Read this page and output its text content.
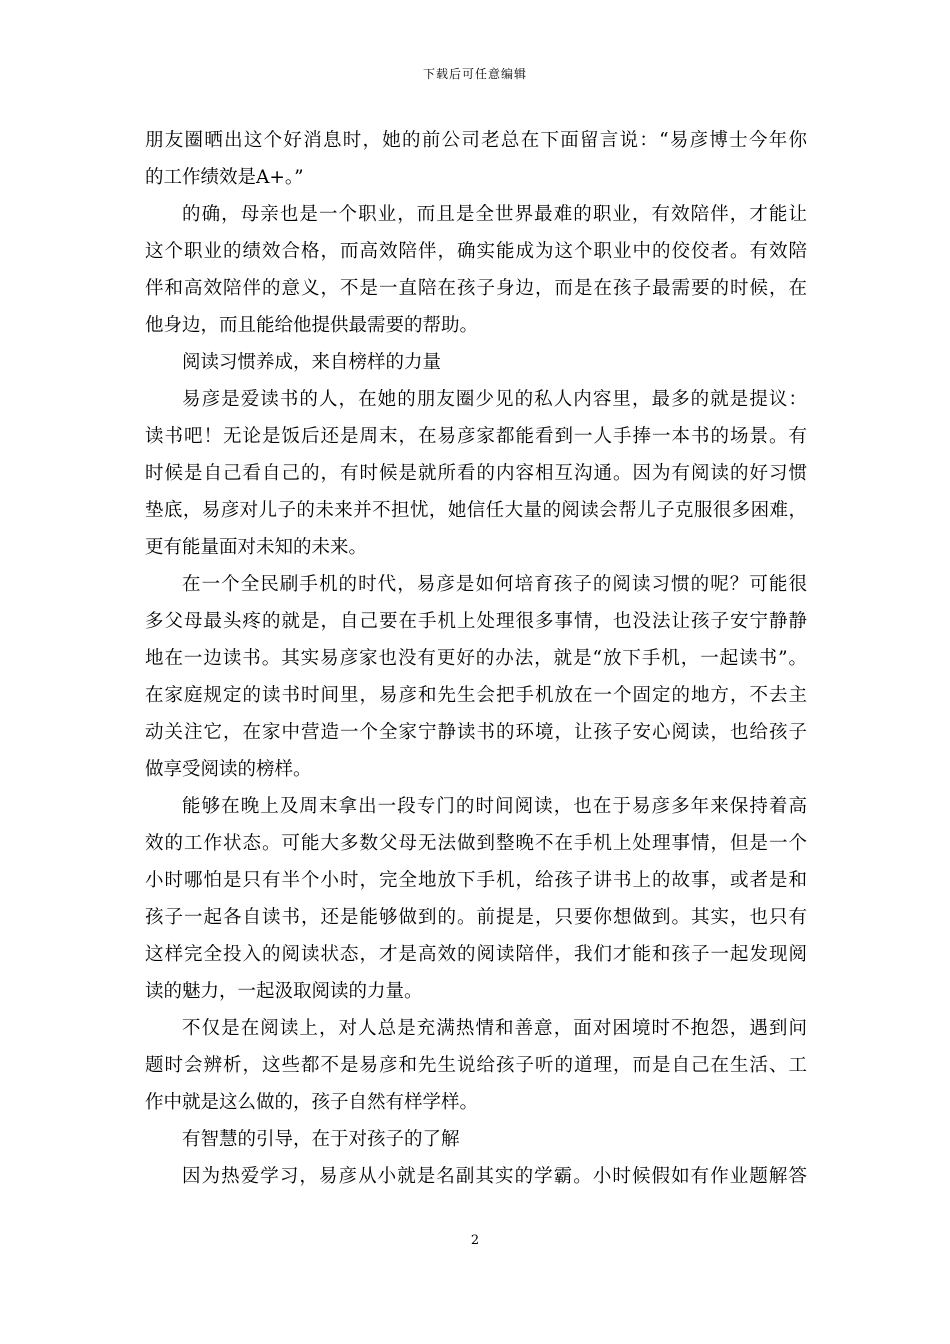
下载后可任意编辑
朋友圈晒出这个好消息时，她的前公司老总在下面留言说：“易彦博士今年你
的工作绩效是A+。”
的确，母亲也是一个职业，而且是全世界最难的职业，有效陪伴，才能让
这个职业的绩效合格，而高效陪伴，确实能成为这个职业中的佼佼者。有效陪
伴和高效陪伴的意义，不是一直陪在孩子身边，而是在孩子最需要的时候，在
他身边，而且能给他提供最需要的帮助。
阅读习惯养成，来自榜样的力量
易彦是爱读书的人，在她的朋友圈少见的私人内容里，最多的就是提议：
读书吧！无论是饭后还是周末，在易彦家都能看到一人手捧一本书的场景。有
时候是自己看自己的，有时候是就所看的内容相互沟通。因为有阅读的好习惯
垫底，易彦对儿子的未来并不担忧，她信任大量的阅读会帮儿子克服很多困难，
更有能量面对未知的未来。
在一个全民刷手机的时代，易彦是如何培育孩子的阅读习惯的呢？可能很
多父母最头疼的就是，自己要在手机上处理很多事情，也没法让孩子安宁静静
地在一边读书。其实易彦家也没有更好的办法，就是“放下手机，一起读书”。
在家庭规定的读书时间里，易彦和先生会把手机放在一个固定的地方，不去主
动关注它，在家中营造一个全家宁静读书的环境，让孩子安心阅读，也给孩子
做享受阅读的榜样。
能够在晚上及周末拿出一段专门的时间阅读，也在于易彦多年来保持着高
效的工作状态。可能大多数父母无法做到整晚不在手机上处理事情，但是一个
小时哪怕是只有半个小时，完全地放下手机，给孩子讲书上的故事，或者是和
孩子一起各自读书，还是能够做到的。前提是，只要你想做到。其实，也只有
这样完全投入的阅读状态，才是高效的阅读陪伴，我们才能和孩子一起发现阅
读的魅力，一起汲取阅读的力量。
不仅是在阅读上，对人总是充满热情和善意，面对困境时不抱怨，遇到问
题时会辨析，这些都不是易彦和先生说给孩子听的道理，而是自己在生活、工
作中就是这么做的，孩子自然有样学样。
有智慧的引导，在于对孩子的了解
因为热爱学习，易彦从小就是名副其实的学霸。小时候假如有作业题解答
2
